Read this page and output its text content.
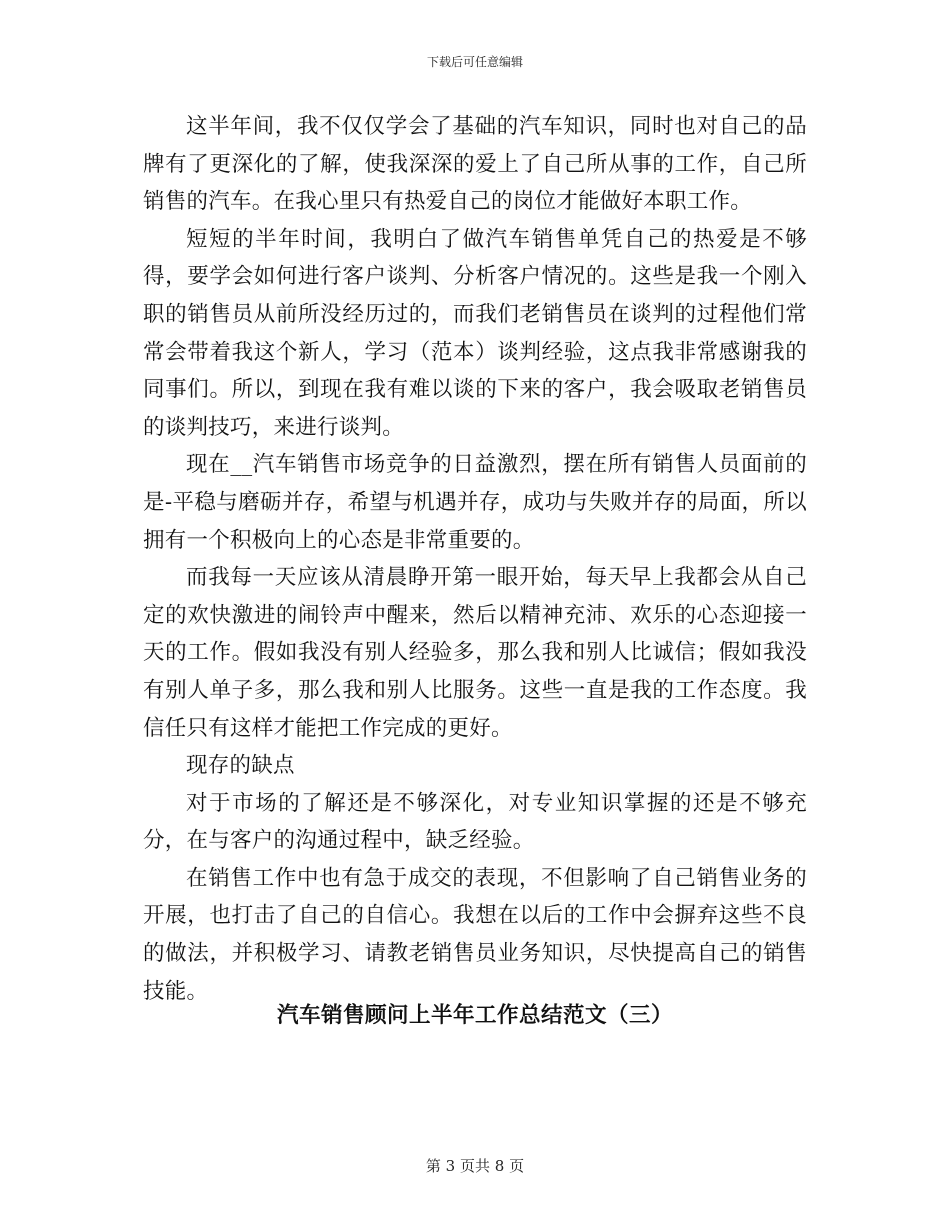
下载后可任意编辑

这半年间，我不仅仅学会了基础的汽车知识，同时也对自己的品牌有了更深化的了解，使我深深的爱上了自己所从事的工作，自己所销售的汽车。在我心里只有热爱自己的岗位才能做好本职工作。

短短的半年时间，我明白了做汽车销售单凭自己的热爱是不够得，要学会如何进行客户谈判、分析客户情况的。这些是我一个刚入职的销售员从前所没经历过的，而我们老销售员在谈判的过程他们常常会带着我这个新人，学习（范本）谈判经验，这点我非常感谢我的同事们。所以，到现在我有难以谈的下来的客户，我会吸取老销售员的谈判技巧，来进行谈判。

现在__汽车销售市场竞争的日益激烈，摆在所有销售人员面前的是-平稳与磨砺并存，希望与机遇并存，成功与失败并存的局面，所以拥有一个积极向上的心态是非常重要的。

而我每一天应该从清晨睁开第一眼开始，每天早上我都会从自己定的欢快激进的闹铃声中醒来，然后以精神充沛、欢乐的心态迎接一天的工作。假如我没有别人经验多，那么我和别人比诚信；假如我没有别人单子多，那么我和别人比服务。这些一直是我的工作态度。我信任只有这样才能把工作完成的更好。

现存的缺点

对于市场的了解还是不够深化，对专业知识掌握的还是不够充分，在与客户的沟通过程中，缺乏经验。

在销售工作中也有急于成交的表现，不但影响了自己销售业务的开展，也打击了自己的自信心。我想在以后的工作中会摒弃这些不良的做法，并积极学习、请教老销售员业务知识，尽快提高自己的销售技能。

汽车销售顾问上半年工作总结范文（三）
第 3 页共 8 页
